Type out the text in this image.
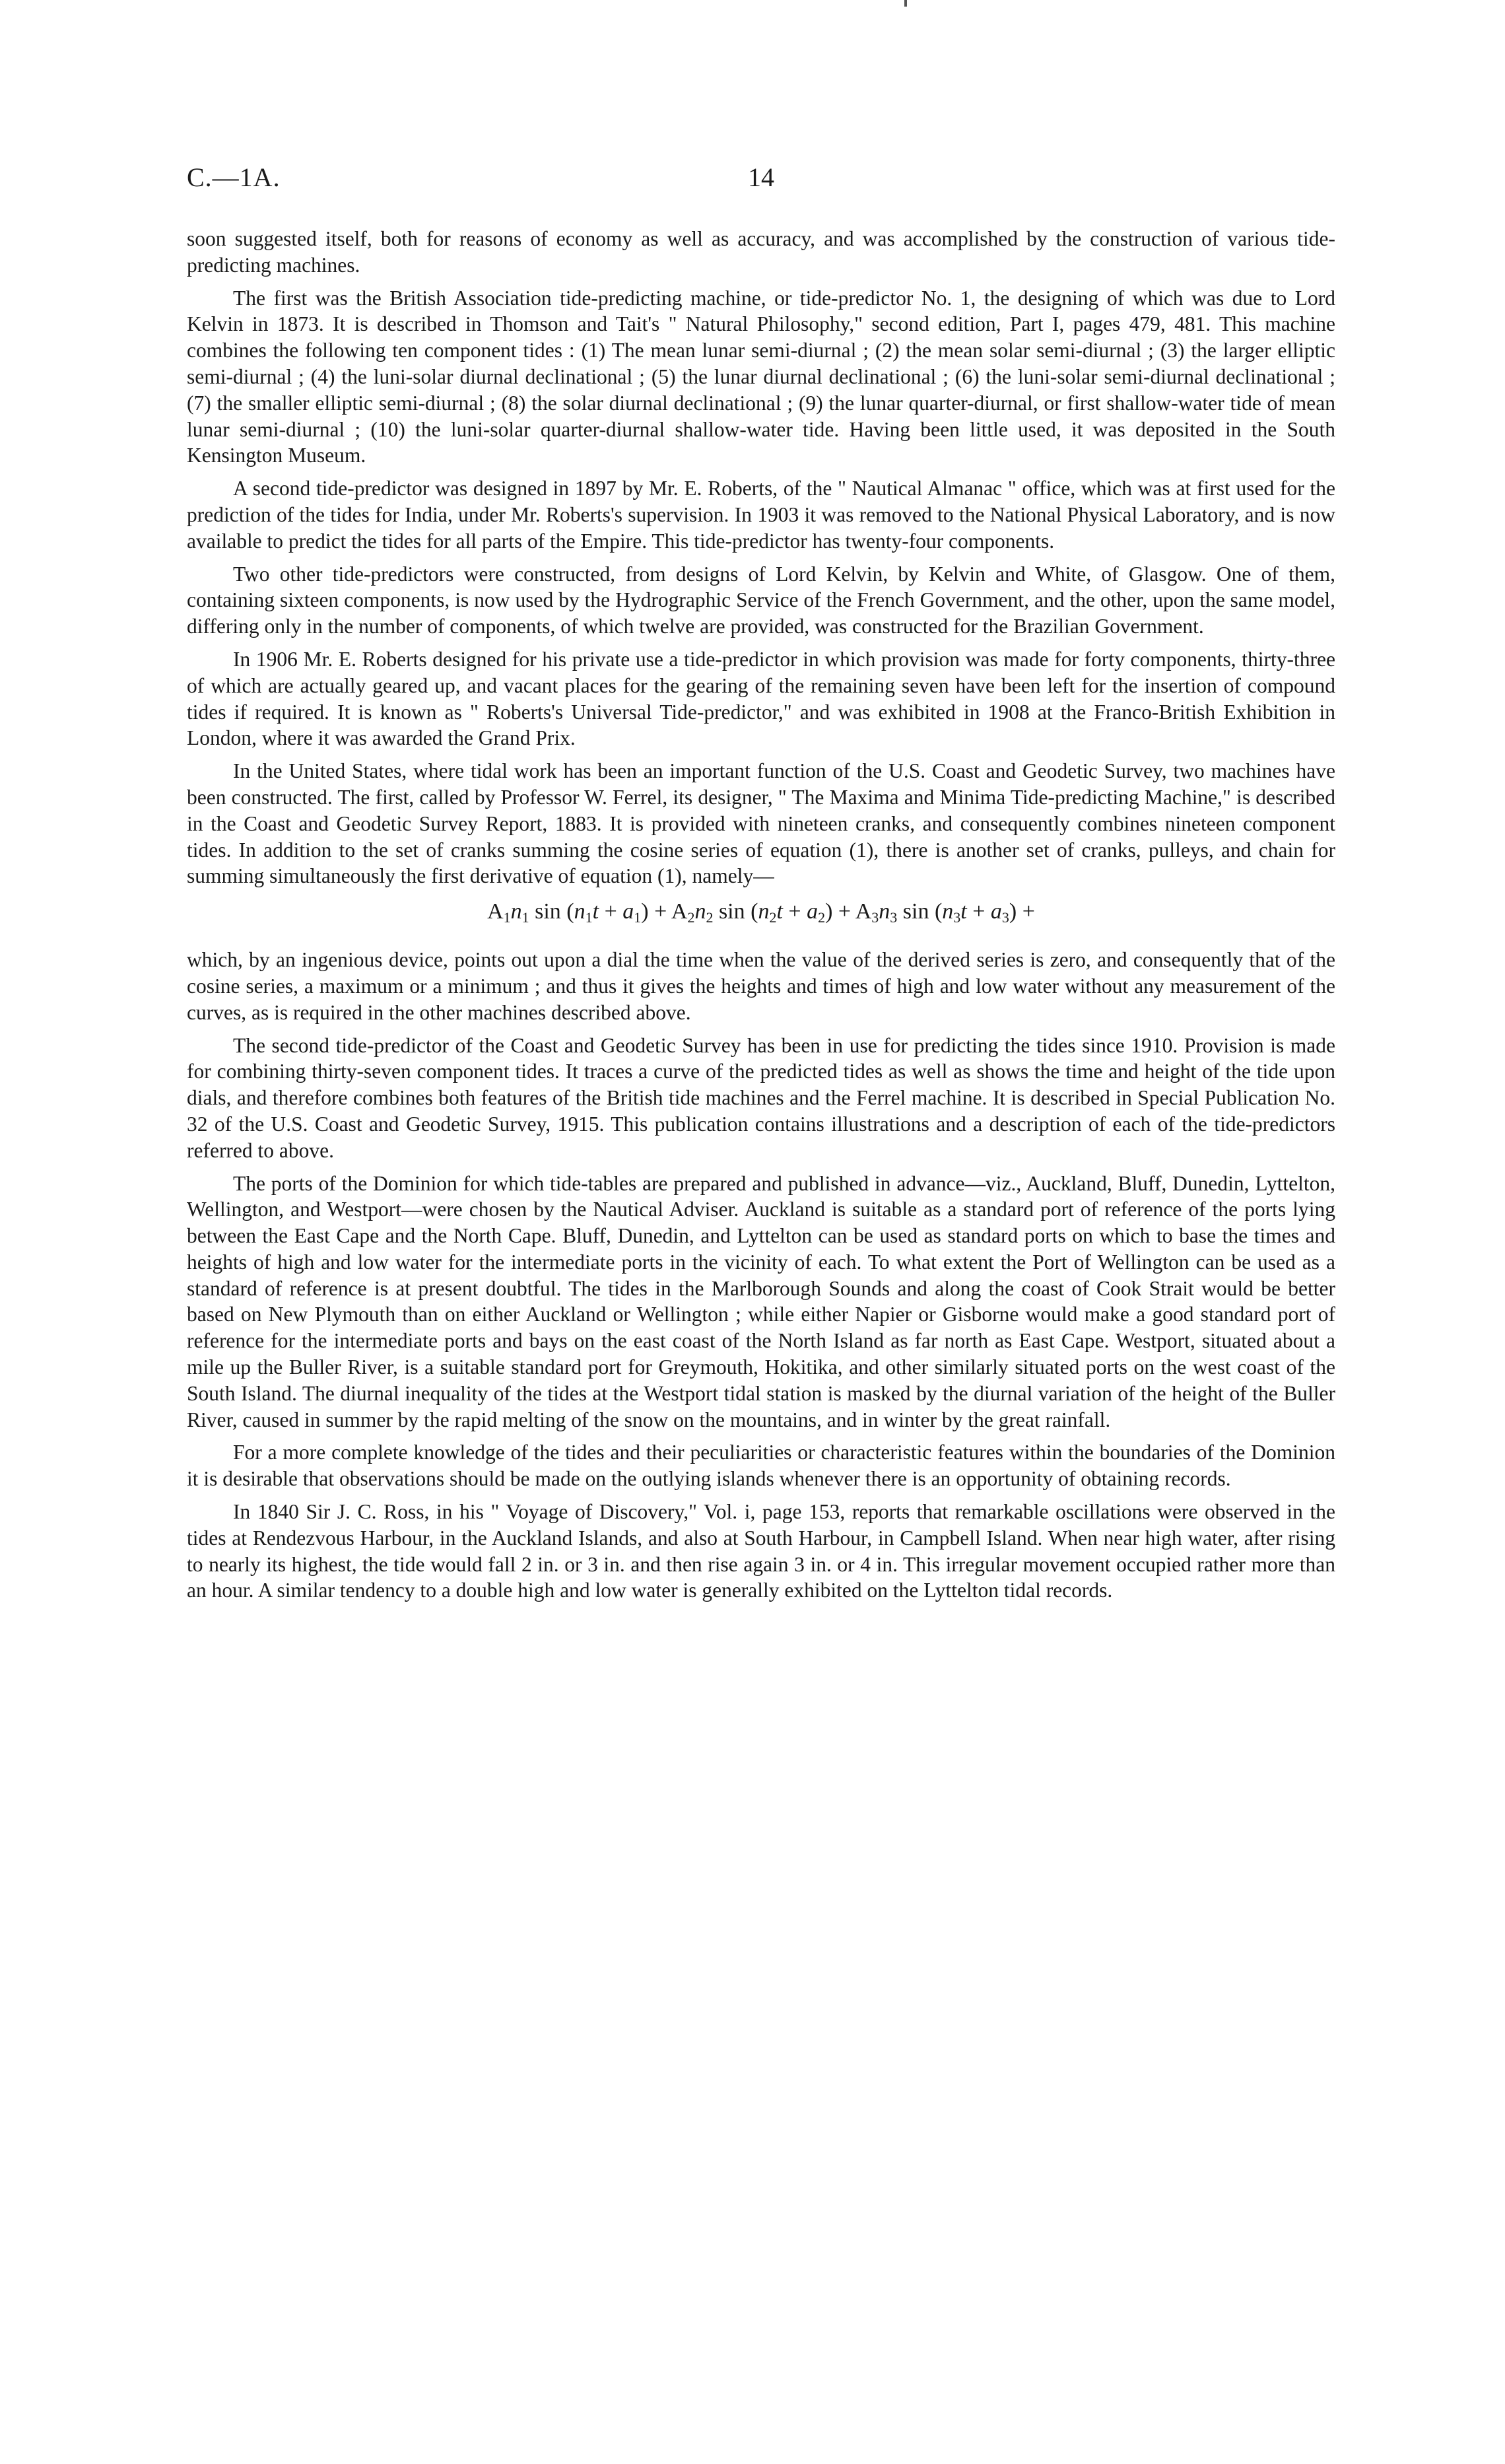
14
C.—1A.

soon suggested itself, both for reasons of economy as well as accuracy, and was accomplished by the construction of various tide-predicting machines.

The first was the British Association tide-predicting machine, or tide-predictor No. 1, the designing of which was due to Lord Kelvin in 1873. It is described in Thomson and Tait's " Natural Philosophy," second edition, Part I, pages 479, 481. This machine combines the following ten component tides : (1) The mean lunar semi-diurnal ; (2) the mean solar semi-diurnal ; (3) the larger elliptic semi-diurnal ; (4) the luni-solar diurnal declinational ; (5) the lunar diurnal declinational ; (6) the luni-solar semi-diurnal declinational ; (7) the smaller elliptic semi-diurnal ; (8) the solar diurnal declinational ; (9) the lunar quarter-diurnal, or first shallow-water tide of mean lunar semi-diurnal ; (10) the luni-solar quarter-diurnal shallow-water tide. Having been little used, it was deposited in the South Kensington Museum.

A second tide-predictor was designed in 1897 by Mr. E. Roberts, of the " Nautical Almanac " office, which was at first used for the prediction of the tides for India, under Mr. Roberts's supervision. In 1903 it was removed to the National Physical Laboratory, and is now available to predict the tides for all parts of the Empire. This tide-predictor has twenty-four components.

Two other tide-predictors were constructed, from designs of Lord Kelvin, by Kelvin and White, of Glasgow. One of them, containing sixteen components, is now used by the Hydrographic Service of the French Government, and the other, upon the same model, differing only in the number of components, of which twelve are provided, was constructed for the Brazilian Government.

In 1906 Mr. E. Roberts designed for his private use a tide-predictor in which provision was made for forty components, thirty-three of which are actually geared up, and vacant places for the gearing of the remaining seven have been left for the insertion of compound tides if required. It is known as " Roberts's Universal Tide-predictor," and was exhibited in 1908 at the Franco-British Exhibition in London, where it was awarded the Grand Prix.

In the United States, where tidal work has been an important function of the U.S. Coast and Geodetic Survey, two machines have been constructed. The first, called by Professor W. Ferrel, its designer, " The Maxima and Minima Tide-predicting Machine," is described in the Coast and Geodetic Survey Report, 1883. It is provided with nineteen cranks, and consequently combines nineteen component tides. In addition to the set of cranks summing the cosine series of equation (1), there is another set of cranks, pulleys, and chain for summing simultaneously the first derivative of equation (1), namely—

$A_1n_1$ $\sin (n_1t + a_1) + A_2n_2$ $\sin (n_2t + a_2) + A_3n_3$ $\sin (n_3t + a_3)$ +

which, by an ingenious device, points out upon a dial the time when the value of the derived series is zero, and consequently that of the cosine series, a maximum or a minimum ; and thus it gives the heights and times of high and low water without any measurement of the curves, as is required in the other machines described above.

The second tide-predictor of the Coast and Geodetic Survey has been in use for predicting the tides since 1910. Provision is made for combining thirty-seven component tides. It traces a curve of the predicted tides as well as shows the time and height of the tide upon dials, and therefore combines both features of the British tide machines and the Ferrel machine. It is described in Special Publication No. 32 of the U.S. Coast and Geodetic Survey, 1915. This publication contains illustrations and a description of each of the tide-predictors referred to above.

The ports of the Dominion for which tide-tables are prepared and published in advance—viz., Auckland, Bluff, Dunedin, Lyttelton, Wellington, and Westport—were chosen by the Nautical Adviser. Auckland is suitable as a standard port of reference of the ports lying between the East Cape and the North Cape. Bluff, Dunedin, and Lyttelton can be used as standard ports on which to base the times and heights of high and low water for the intermediate ports in the vicinity of each. To what extent the Port of Wellington can be used as a standard of reference is at present doubtful. The tides in the Marlborough Sounds and along the coast of Cook Strait would be better based on New Plymouth than on either Auckland or Wellington ; while either Napier or Gisborne would make a good standard port of reference for the intermediate ports and bays on the east coast of the North Island as far north as East Cape. Westport, situated about a mile up the Buller River, is a suitable standard port for Greymouth, Hokitika, and other similarly situated ports on the west coast of the South Island. The diurnal inequality of the tides at the Westport tidal station is masked by the diurnal variation of the height of the Buller River, caused in summer by the rapid melting of the snow on the mountains, and in winter by the great rainfall.

For a more complete knowledge of the tides and their peculiarities or characteristic features within the boundaries of the Dominion it is desirable that observations should be made on the outlying islands whenever there is an opportunity of obtaining records.

In 1840 Sir J. C. Ross, in his " Voyage of Discovery," Vol. i, page 153, reports that remarkable oscillations were observed in the tides at Rendezvous Harbour, in the Auckland Islands, and also at South Harbour, in Campbell Island. When near high water, after rising to nearly its highest, the tide would fall 2 in. or 3 in. and then rise again 3 in. or 4 in. This irregular movement occupied rather more than an hour. A similar tendency to a double high and low water is generally exhibited on the Lyttelton tidal records.
